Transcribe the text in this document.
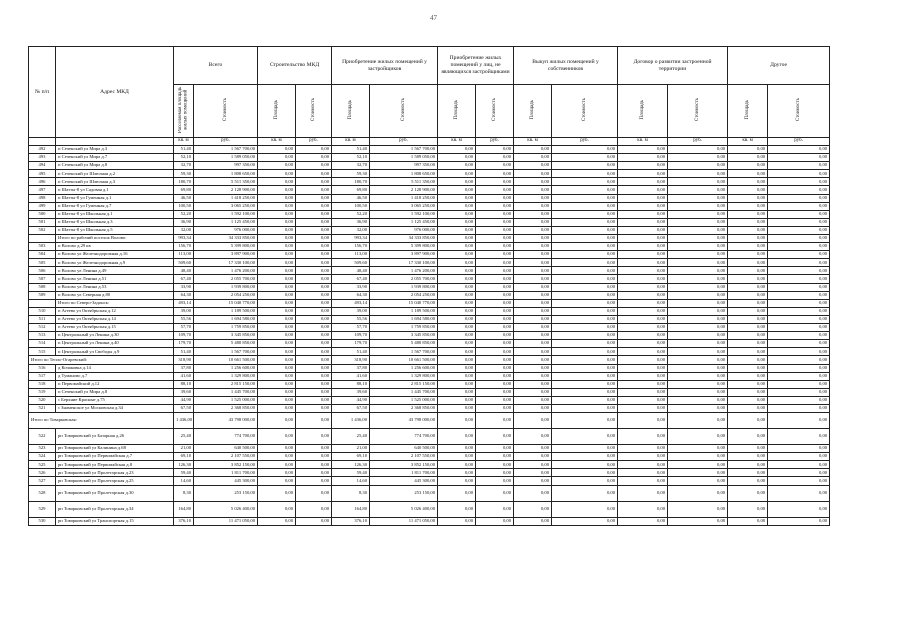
47
№ п/п	Адрес МКД	Всего		Строительство МКД		Приобретение жилых помещений у застройщиков		Приобретение жилых помещений у лиц, не являющихся застройщиками		Выкуп жилых помещений у собственников		Договор о развитии застроенной территории		Другое	
		Расселяемая площадь жилых помещений	Стоимость	Площадь	Стоимость	Площадь	Стоимость	Площадь	Стоимость	Площадь	Стоимость	Площадь	Стоимость	Площадь	Стоимость
		кв. м	руб.	кв. м	руб.	кв. м	руб.	кв. м	руб.	кв. м	руб.	кв. м	руб.	кв. м	руб.
492	п Сеченский ул Мира д.3	51,40	1 567 700,00	0,00	0,00	51,40	1 567 700,00	0,00	0,00	0,00	0,00	0,00	0,00	0,00	0,00
493	п Сеченский ул Мира д.7	52,10	1 589 050,00	0,00	0,00	52,10	1 589 050,00	0,00	0,00	0,00	0,00	0,00	0,00	0,00	0,00
494	п Сеченский ул Мира д.8	32,70	997 350,00	0,00	0,00	32,70	997 350,00	0,00	0,00	0,00	0,00	0,00	0,00	0,00	0,00
495	п Сеченский ул Шлюзная д.2	59,30	1 808 650,00	0,00	0,00	59,30	1 808 650,00	0,00	0,00	0,00	0,00	0,00	0,00	0,00	0,00
496	п Сеченский ул Шлюзная д.3	180,70	5 511 350,00	0,00	0,00	180,70	5 511 350,00	0,00	0,00	0,00	0,00	0,00	0,00	0,00	0,00
497	п Шатты-8 ул Садовая д.1	69,80	2 128 900,00	0,00	0,00	69,80	2 128 900,00	0,00	0,00	0,00	0,00	0,00	0,00	0,00	0,00
498	п Шатты-8 ул Гуменная д.1	46,50	1 418 250,00	0,00	0,00	46,50	1 418 250,00	0,00	0,00	0,00	0,00	0,00	0,00	0,00	0,00
499	п Шатты-8 ул Гуменная д.7	100,50	3 065 250,00	0,00	0,00	100,50	3 065 250,00	0,00	0,00	0,00	0,00	0,00	0,00	0,00	0,00
500	п Шатты-8 ул Школьная д.1	52,20	1 592 100,00	0,00	0,00	52,20	1 592 100,00	0,00	0,00	0,00	0,00	0,00	0,00	0,00	0,00
501	п Шатты-8 ул Школьная д.3	36,90	1 125 450,00	0,00	0,00	36,90	1 125 450,00	0,00	0,00	0,00	0,00	0,00	0,00	0,00	0,00
502	п Шатты-8 ул Школьная д.5	32,00	976 000,00	0,00	0,00	32,00	976 000,00	0,00	0,00	0,00	0,00	0,00	0,00	0,00	0,00
	Итого по рабочий поселок Волово:	993,34	34 333 850,00	0,00	0,00	993,34	34 333 850,00	0,00	0,00	0,00	0,00	0,00	0,00	0,00	0,00
503	п Волово д.29 кв	156,70	5 399 800,00	0,00	0,00	156,70	5 399 800,00	0,00	0,00	0,00	0,00	0,00	0,00	0,00	0,00
504	п Волово ул Железнодорожная д.16	113,00	3 897 900,00	0,00	0,00	113,00	3 897 900,00	0,00	0,00	0,00	0,00	0,00	0,00	0,00	0,00
505	п Волово ул Железнодорожная д.9	509,60	17 330 100,00	0,00	0,00	509,60	17 330 100,00	0,00	0,00	0,00	0,00	0,00	0,00	0,00	0,00
506	п Волово ул Ленина д.49	48,40	1 476 200,00	0,00	0,00	48,40	1 476 200,00	0,00	0,00	0,00	0,00	0,00	0,00	0,00	0,00
507	п Волово ул Ленина д.51	67,40	2 055 700,00	0,00	0,00	67,40	2 055 700,00	0,00	0,00	0,00	0,00	0,00	0,00	0,00	0,00
508	п Волово ул Ленина д.53	33,90	1 939 800,00	0,00	0,00	33,90	1 939 800,00	0,00	0,00	0,00	0,00	0,00	0,00	0,00	0,00
509	п Волово ул Северная д.80	64,30	2 054 250,00	0,00	0,00	64,30	2 054 250,00	0,00	0,00	0,00	0,00	0,00	0,00	0,00	0,00
	Итого по Северо-Задонск:	493,14	15 040 770,00	0,00	0,00	493,14	15 040 770,00	0,00	0,00	0,00	0,00	0,00	0,00	0,00	0,00
510	п Агеево ул Октябрьская д.12	39,00	1 189 500,00	0,00	0,00	39,00	1 189 500,00	0,00	0,00	0,00	0,00	0,00	0,00	0,00	0,00
511	п Агеево ул Октябрьская д.14	55,56	1 694 580,00	0,00	0,00	55,56	1 694 580,00	0,00	0,00	0,00	0,00	0,00	0,00	0,00	0,00
512	п Агеево ул Октябрьская д.15	57,70	1 759 850,00	0,00	0,00	57,70	1 759 850,00	0,00	0,00	0,00	0,00	0,00	0,00	0,00	0,00
513	п Центральный ул Ленина д.30	109,70	3 345 850,00	0,00	0,00	109,70	3 345 850,00	0,00	0,00	0,00	0,00	0,00	0,00	0,00	0,00
514	п Центральный ул Ленина д.40	179,70	5 480 850,00	0,00	0,00	179,70	5 480 850,00	0,00	0,00	0,00	0,00	0,00	0,00	0,00	0,00
515	п Центральный ул Свободы д.9	51,40	1 567 700,00	0,00	0,00	51,40	1 567 700,00	0,00	0,00	0,00	0,00	0,00	0,00	0,00	0,00
Итого по Тепло-Огаревский:		318,90	10 661 500,00	0,00	0,00	318,90	10 661 500,00	0,00	0,00	0,00	0,00	0,00	0,00	0,00	0,00
516	д Кочаковка д.14	37,80	1 256 600,00	0,00	0,00	37,80	1 256 600,00	0,00	0,00	0,00	0,00	0,00	0,00	0,00	0,00
517	д Туманово д.7	41,60	1 329 800,00	0,00	0,00	41,60	1 329 800,00	0,00	0,00	0,00	0,00	0,00	0,00	0,00	0,00
518	п Первомайский д.12	88,10	2 815 150,00	0,00	0,00	88,10	2 815 150,00	0,00	0,00	0,00	0,00	0,00	0,00	0,00	0,00
519	п Сеченский ул Мира д.8	39,60	1 445 700,00	0,00	0,00	39,60	1 445 700,00	0,00	0,00	0,00	0,00	0,00	0,00	0,00	0,00
520	с Берхние Красные д.75	44,90	1 525 000,00	0,00	0,00	44,90	1 525 000,00	0,00	0,00	0,00	0,00	0,00	0,00	0,00	0,00
521	с Знаменское ул Московская д.34	67,50	2 368 850,00	0,00	0,00	67,50	2 368 850,00	0,00	0,00	0,00	0,00	0,00	0,00	0,00	0,00
Итого по Товарковская:		1 436,00	43 798 000,00	0,00	0,00	1 436,00	43 798 000,00	0,00	0,00	0,00	0,00	0,00	0,00	0,00	0,00
522	рп Товарковский ул Базарная д.26	25,40	774 700,00	0,00	0,00	25,40	774 700,00	0,00	0,00	0,00	0,00	0,00	0,00	0,00	0,00
523	рп Товарковский ул Калинина д.68	21,00	640 500,00	0,00	0,00	21,00	640 500,00	0,00	0,00	0,00	0,00	0,00	0,00	0,00	0,00
524	рп Товарковский ул Первомайская д.7	69,10	2 107 550,00	0,00	0,00	69,10	2 107 550,00	0,00	0,00	0,00	0,00	0,00	0,00	0,00	0,00
525	рп Товарковский ул Первомайская д.8	126,30	3 852 150,00	0,00	0,00	126,30	3 852 150,00	0,00	0,00	0,00	0,00	0,00	0,00	0,00	0,00
526	рп Товарковский ул Пролетарская д.23	59,40	1 811 700,00	0,00	0,00	59,40	1 811 700,00	0,00	0,00	0,00	0,00	0,00	0,00	0,00	0,00
527	рп Товарковский ул Пролетарская д.25	14,60	445 300,00	0,00	0,00	14,60	445 300,00	0,00	0,00	0,00	0,00	0,00	0,00	0,00	0,00
528	рп Товарковский ул Пролетарская д.30	8,30	253 150,00	0,00	0,00	8,30	253 150,00	0,00	0,00	0,00	0,00	0,00	0,00	0,00	0,00
529	рп Товарковский ул Пролетарская д.34	164,80	5 026 400,00	0,00	0,00	164,80	5 026 400,00	0,00	0,00	0,00	0,00	0,00	0,00	0,00	0,00
530	рп Товарковский ул Транспортная д.15	376,10	11 471 050,00	0,00	0,00	376,10	11 471 050,00	0,00	0,00	0,00	0,00	0,00	0,00	0,00	0,00
